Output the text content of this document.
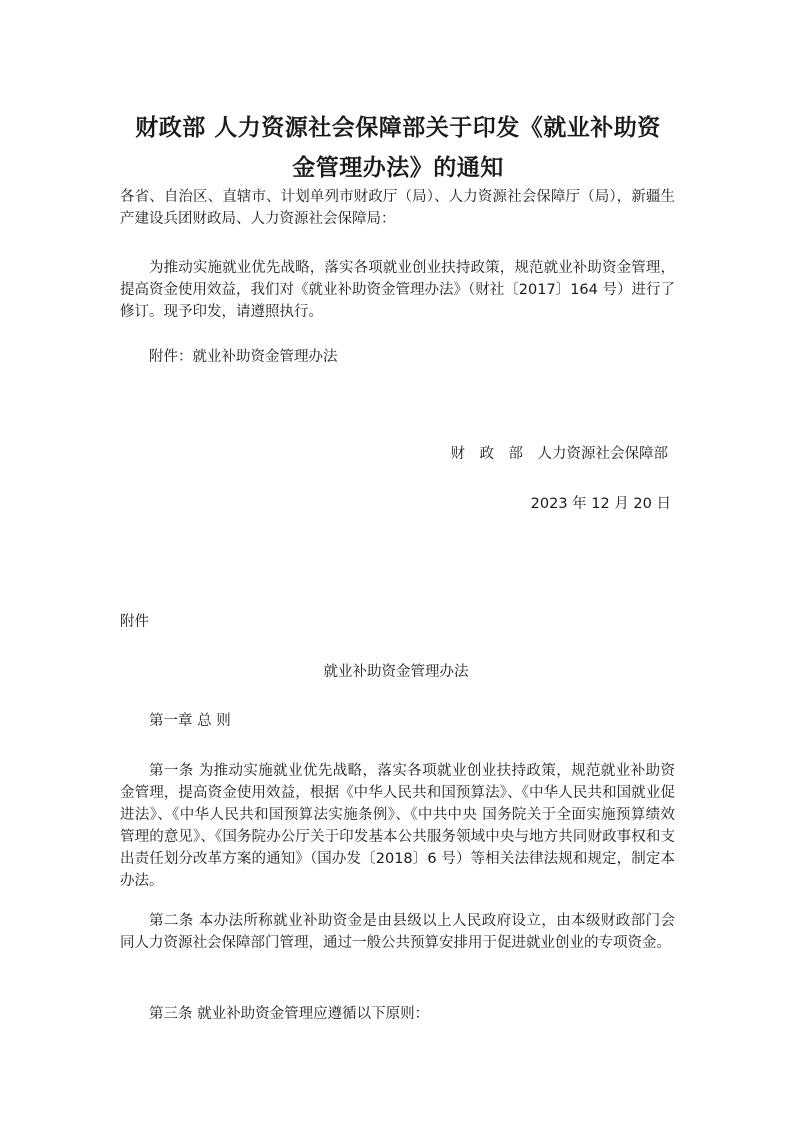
财政部 人力资源社会保障部关于印发《就业补助资
金管理办法》的通知

各省、自治区、直辖市、计划单列市财政厅（局）、人力资源社会保障厅（局），新疆生产建设兵团财政局、人力资源社会保障局：

为推动实施就业优先战略，落实各项就业创业扶持政策，规范就业补助资金管理，提高资金使用效益，我们对《就业补助资金管理办法》（财社〔2017〕164 号）进行了修订。现予印发，请遵照执行。

附件：就业补助资金管理办法

财　政　部　人力资源社会保障部

2023 年 12 月 20 日

附件

就业补助资金管理办法

第一章 总 则

第一条 为推动实施就业优先战略，落实各项就业创业扶持政策，规范就业补助资金管理，提高资金使用效益，根据《中华人民共和国预算法》、《中华人民共和国就业促进法》、《中华人民共和国预算法实施条例》、《中共中央 国务院关于全面实施预算绩效管理的意见》、《国务院办公厅关于印发基本公共服务领域中央与地方共同财政事权和支出责任划分改革方案的通知》（国办发〔2018〕6 号）等相关法律法规和规定，制定本办法。

第二条 本办法所称就业补助资金是由县级以上人民政府设立，由本级财政部门会同人力资源社会保障部门管理，通过一般公共预算安排用于促进就业创业的专项资金。

第三条 就业补助资金管理应遵循以下原则：
